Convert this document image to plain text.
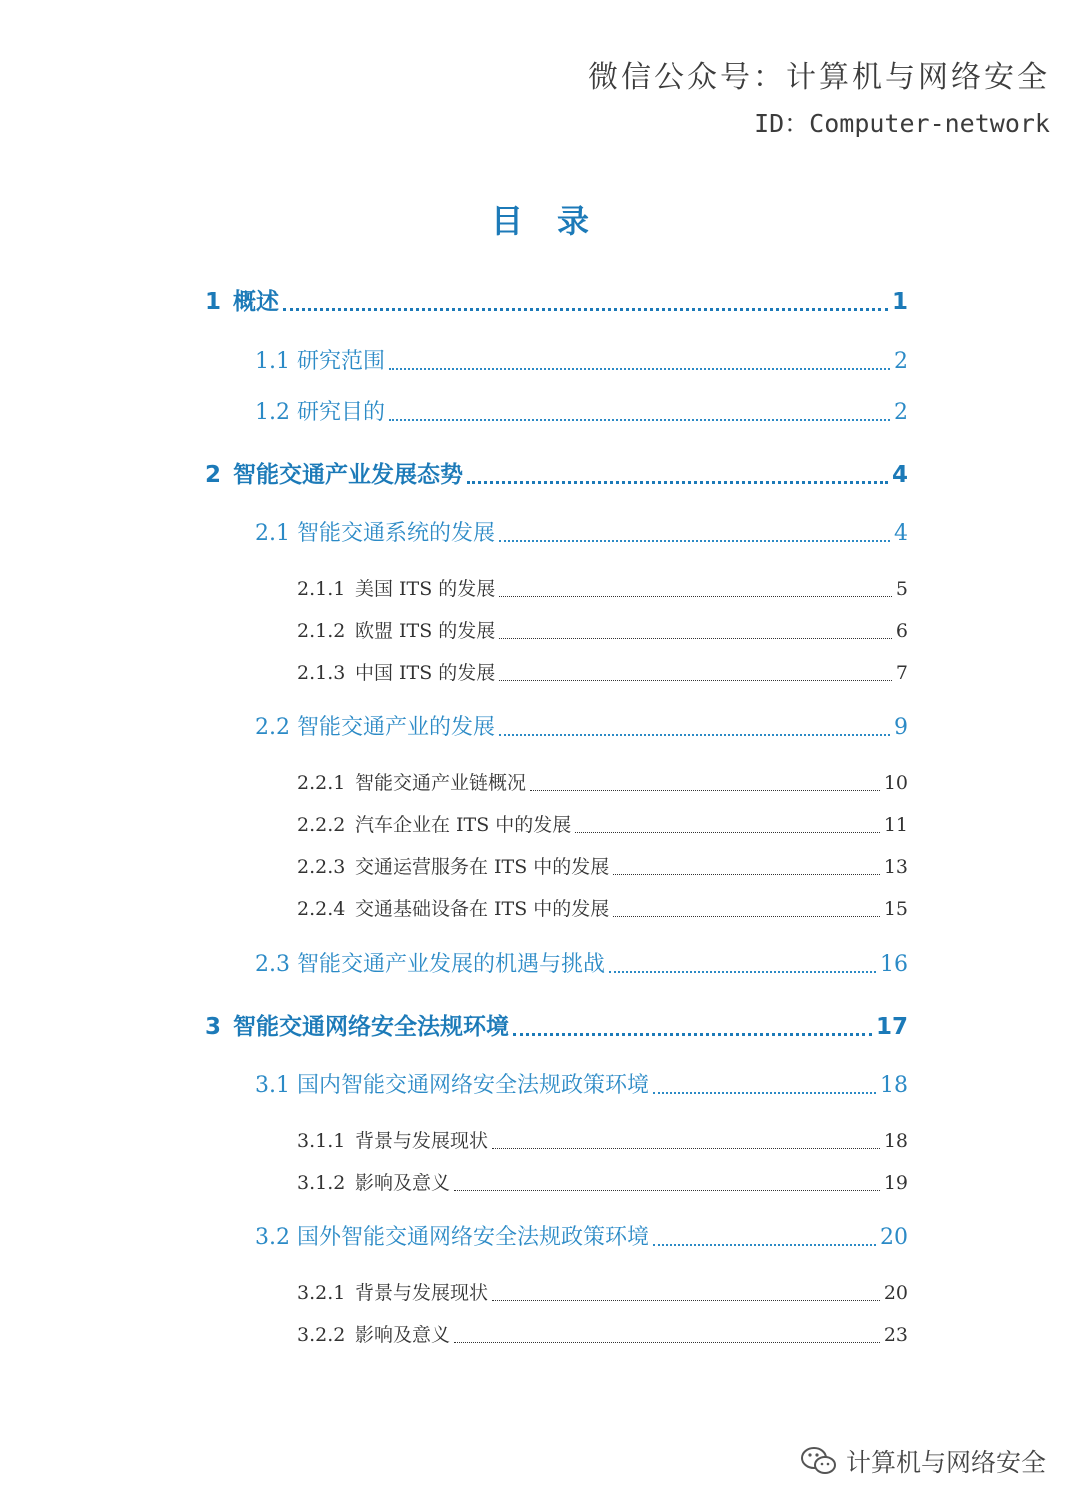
微信公众号：计算机与网络安全
ID：Computer-network
目录
1 概述	1
1.1 研究范围	2
1.2 研究目的	2
2 智能交通产业发展态势	4
2.1 智能交通系统的发展	4
2.1.1 美国 ITS 的发展	5
2.1.2 欧盟 ITS 的发展	6
2.1.3 中国 ITS 的发展	7
2.2 智能交通产业的发展	9
2.2.1 智能交通产业链概况	10
2.2.2 汽车企业在 ITS 中的发展	11
2.2.3 交通运营服务在 ITS 中的发展	13
2.2.4 交通基础设备在 ITS 中的发展	15
2.3 智能交通产业发展的机遇与挑战	16
3 智能交通网络安全法规环境	17
3.1 国内智能交通网络安全法规政策环境	18
3.1.1 背景与发展现状	18
3.1.2 影响及意义	19
3.2 国外智能交通网络安全法规政策环境	20
3.2.1 背景与发展现状	20
3.2.2 影响及意义	23
计算机与网络安全
